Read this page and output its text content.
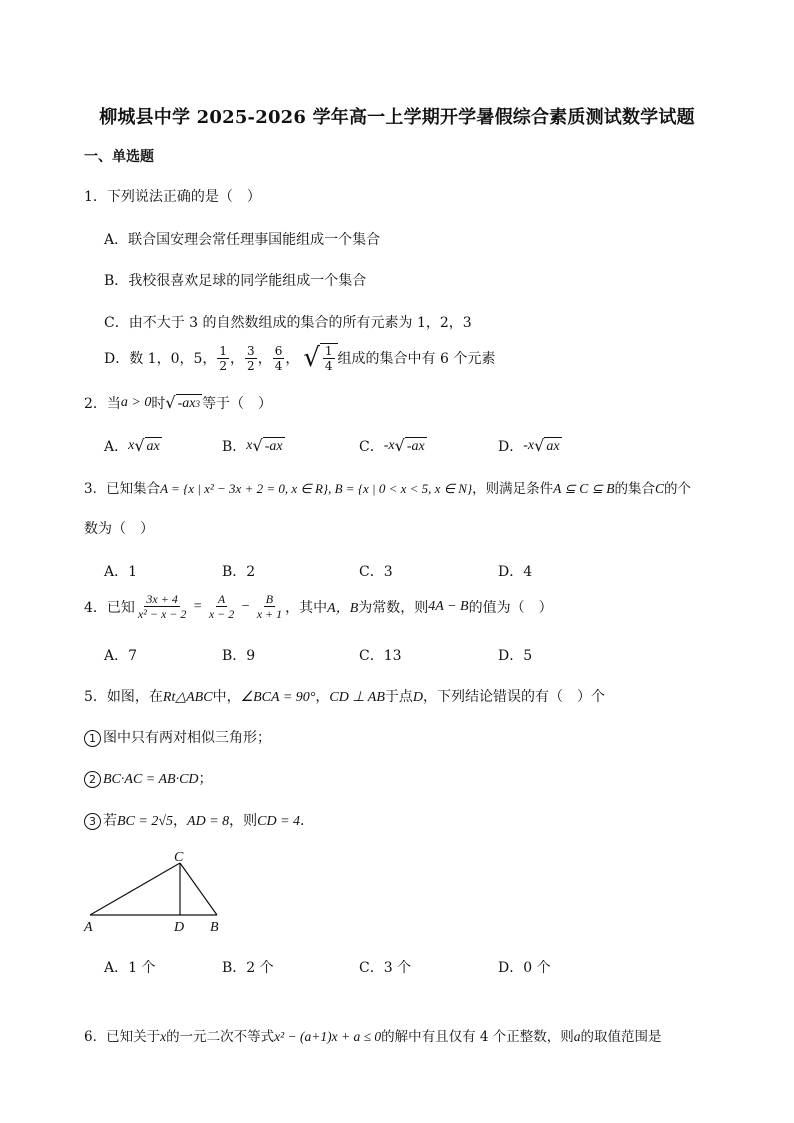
柳城县中学 2025-2026 学年高一上学期开学暑假综合素质测试数学试题
一、单选题
1．下列说法正确的是（　）
A．联合国安理会常任理事国能组成一个集合
B．我校很喜欢足球的同学能组成一个集合
C．由不大于 3 的自然数组成的集合的所有元素为 1，2，3
D．数 1，0，5， $\frac{1}{2}$ ， $\frac{3}{2}$ ， $\frac{6}{4}$ ， √ $\frac{1}{4}$ 组成的集合中有 6 个元素
2． 当 a > 0 时 √ -ax 3 等于（　）
A． x √ ax	B． x √ -ax	C． -x √ -ax	D． -x √ ax
3．已知集合A = {x | x² − 3x + 2 = 0, x ∈ R}, B = {x | 0 < x < 5, x ∈ N}，则满足条件A ⊆ C ⊆ B的集合C的个
数为（　）
A．1	B．2	C．3	D．4
4． 已知 $\frac{3x + 4}{\text{x² − x − 2}} = \frac{A}{x - 2} - \frac{B}{x + 1}$ ，其中 A，B 为常数，则 4A − B 的值为（　）
A．7	B．9	C．13	D．5
5．如图，在Rt△ABC中，∠BCA = 90°，CD ⊥ AB于点D，下列结论错误的有（　）个
1 图中只有两对相似三角形；
2 BC·AC = AB·CD；
3 若BC = 2√5，AD = 8，则CD = 4．
C
A	D B
A．1 个	B．2 个	C．3 个	D．0 个
6．已知关于x的一元二次不等式x² − (a+1)x + a ≤ 0的解中有且仅有 4 个正整数，则a的取值范围是
